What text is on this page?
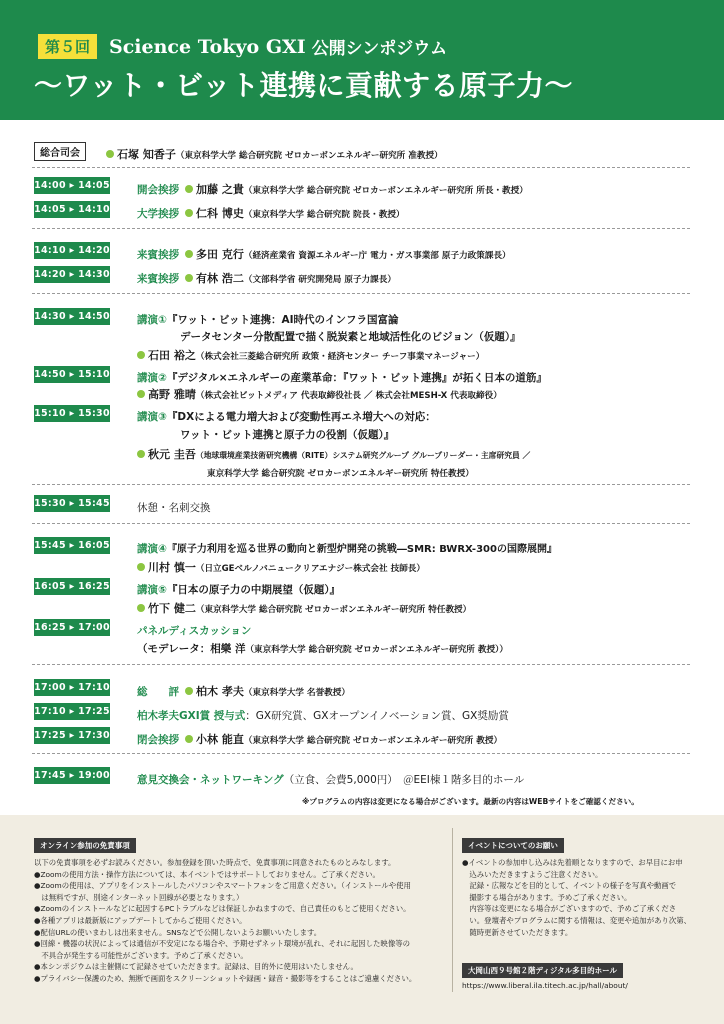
第５回	Science Tokyo GXI 公開シンポジウム
〜ワット・ビット連携に貢献する原子力〜
総合司会	石塚 知香子（東京科学大学 総合研究院 ゼロカーボンエネルギー研究所 准教授）
14:00 ▸ 14:05	開会挨拶 加藤 之貴（東京科学大学 総合研究院 ゼロカーボンエネルギー研究所 所長・教授）
14:05 ▸ 14:10	大学挨拶 仁科 博史（東京科学大学 総合研究院 院長・教授）
14:10 ▸ 14:20	来賓挨拶 多田 克行（経済産業省 資源エネルギー庁 電力・ガス事業部 原子力政策課長）
14:20 ▸ 14:30	来賓挨拶 有林 浩二（文部科学省 研究開発局 原子力課長）
14:30 ▸ 14:50	講演①『ワット・ビット連携：AI時代のインフラ国富論
データセンター分散配置で描く脱炭素と地域活性化のビジョン（仮題）』
石田 裕之（株式会社三菱総合研究所 政策・経済センター チーフ事業マネージャー）
14:50 ▸ 15:10	講演②『デジタル×エネルギーの産業革命：『ワット・ビット連携』が拓く日本の道筋』
高野 雅晴（株式会社ビットメディア 代表取締役社長 ／ 株式会社MESH-X 代表取締役）
15:10 ▸ 15:30	講演③『DXによる電力増大および変動性再エネ増大への対応：
ワット・ビット連携と原子力の役割（仮題）』
秋元 圭吾（地球環境産業技術研究機構（RITE）システム研究グループ グループリーダー・主席研究員 ／
東京科学大学 総合研究院 ゼロカーボンエネルギー研究所 特任教授）
15:30 ▸ 15:45	休憩・名刺交換
15:45 ▸ 16:05	講演④『原子力利用を巡る世界の動向と新型炉開発の挑戦―SMR: BWRX-300の国際展開』
川村 慎一（日立GEベルノバニュークリアエナジー株式会社 技師長）
16:05 ▸ 16:25	講演⑤『日本の原子力の中期展望（仮題）』
竹下 健二（東京科学大学 総合研究院 ゼロカーボンエネルギー研究所 特任教授）
16:25 ▸ 17:00	パネルディスカッション
（モデレータ：相樂 洋（東京科学大学 総合研究院 ゼロカーボンエネルギー研究所 教授））
17:00 ▸ 17:10	総　　評 柏木 孝夫（東京科学大学 名誉教授）
17:10 ▸ 17:25	柏木孝夫GXI賞 授与式：GX研究賞、GXオープンイノベーション賞、GX奨励賞
17:25 ▸ 17:30	閉会挨拶 小林 能直（東京科学大学 総合研究院 ゼロカーボンエネルギー研究所 教授）
17:45 ▸ 19:00	意見交換会・ネットワーキング（立食、会費5,000円）　＠EEI棟１階多目的ホール
※プログラムの内容は変更になる場合がございます。最新の内容はWEBサイトをご確認ください。
オンライン参加の免責事項
以下の免責事項を必ずお読みください。参加登録を頂いた時点で、免責事項に同意されたものとみなします。
●Zoomの使用方法・操作方法については、本イベントではサポートしておりません。ご了承ください。
●Zoomの使用は、アプリをインストールしたパソコンやスマートフォンをご用意ください。（インストールや使用
　は無料ですが、別途インターネット回線が必要となります。）
●Zoomのインストールなどに起因するPCトラブルなどは保証しかねますので、自己責任のもとご使用ください。
●各種アプリは最新版にアップデートしてからご使用ください。
●配信URLの使いまわしは出来ません。SNSなどで公開しないようお願いいたします。
●回線・機器の状況によっては通信が不安定になる場合や、予期せずネット環境が乱れ、それに起因した映像等の
　不具合が発生する可能性がございます。予めご了承ください。
●本シンポジウムは主催側にて記録させていただきます。記録は、目的外に使用はいたしません。
●プライバシー保護のため、無断で画面をスクリーンショットや録画・録音・撮影等をすることはご遠慮ください。
イベントについてのお願い
●イベントの参加申し込みは先着順となりますので、お早目にお申
　込みいただきますようご注意ください。
　記録・広報などを目的として、イベントの様子を写真や動画で
　撮影する場合があります。予めご了承ください。
　内容等は変更になる場合がございますので、予めご了承くださ
　い。登壇者やプログラムに関する情報は、変更や追加があり次第、
　随時更新させていただきます。
大岡山西９号館２階ディジタル多目的ホール
https://www.liberal.ila.titech.ac.jp/hall/about/
